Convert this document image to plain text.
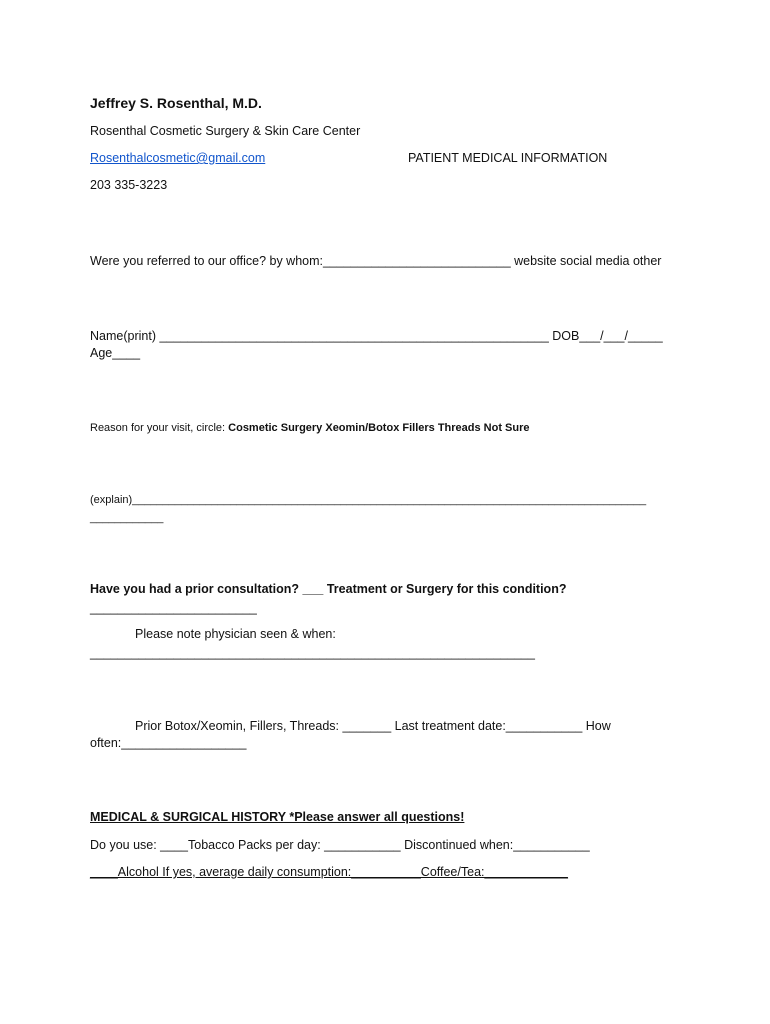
Jeffrey S. Rosenthal, M.D.
Rosenthal Cosmetic Surgery & Skin Care Center
Rosenthalcosmetic@gmail.com	PATIENT MEDICAL INFORMATION
203 335-3223
Were you referred to our office? by whom:___________________________ website social media other
Name(print) ________________________________________________________ DOB___/___/_____
Age____
Reason for your visit, circle: Cosmetic Surgery Xeomin/Botox Fillers Threads Not Sure
(explain)____________________________________________________________________________________
____________
Have you had a prior consultation? ___ Treatment or Surgery for this condition?
________________________
Please note physician seen & when:
________________________________________________________________
Prior Botox/Xeomin, Fillers, Threads: _______ Last treatment date:___________ How
often:__________________
MEDICAL & SURGICAL HISTORY *Please answer all questions!
Do you use: ____Tobacco Packs per day: ___________ Discontinued when:___________
____Alcohol If yes, average daily consumption:__________Coffee/Tea:____________
